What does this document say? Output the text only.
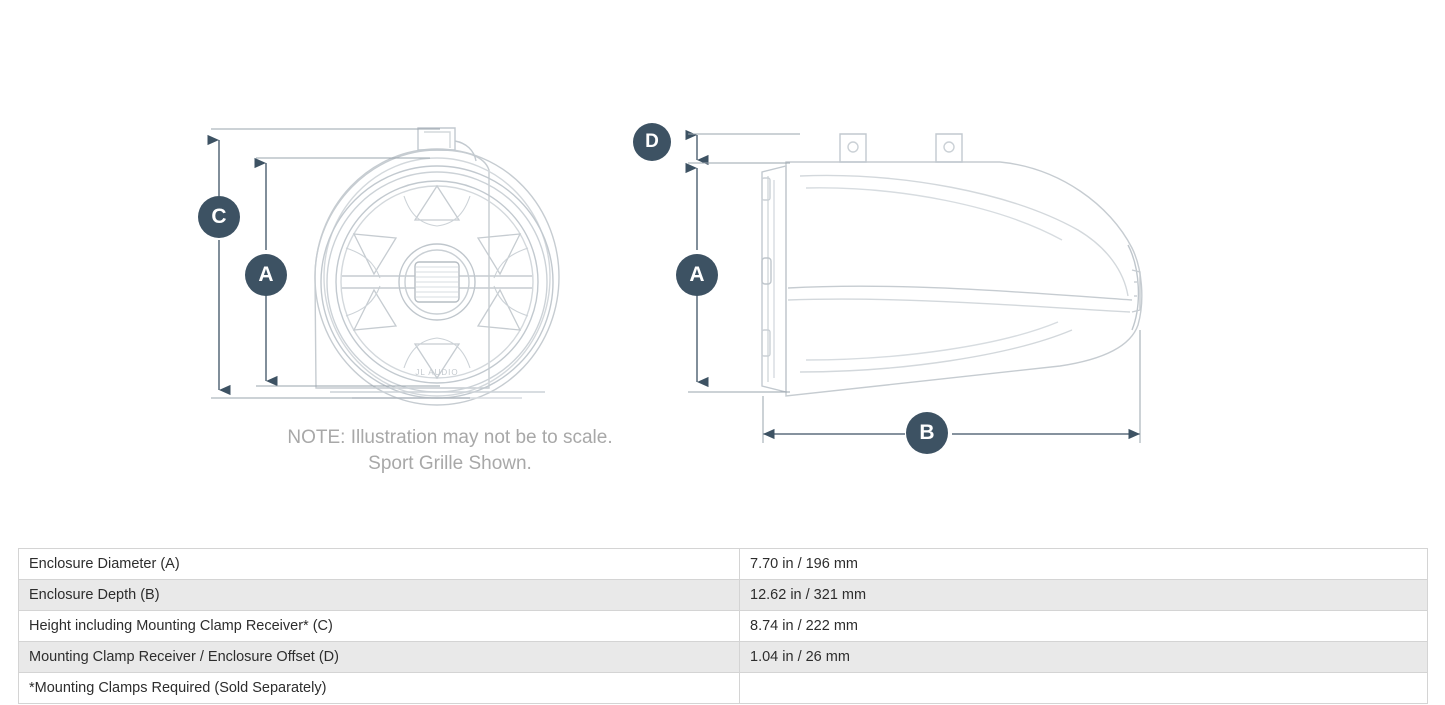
JL AUDIO
C
A
D
A
B
NOTE: Illustration may not be to scale.
Sport Grille Shown.
Enclosure Diameter (A)	7.70 in / 196 mm
Enclosure Depth (B)	12.62 in / 321 mm
Height including Mounting Clamp Receiver* (C)	8.74 in / 222 mm
Mounting Clamp Receiver / Enclosure Offset (D)	1.04 in / 26 mm
*Mounting Clamps Required (Sold Separately)	
